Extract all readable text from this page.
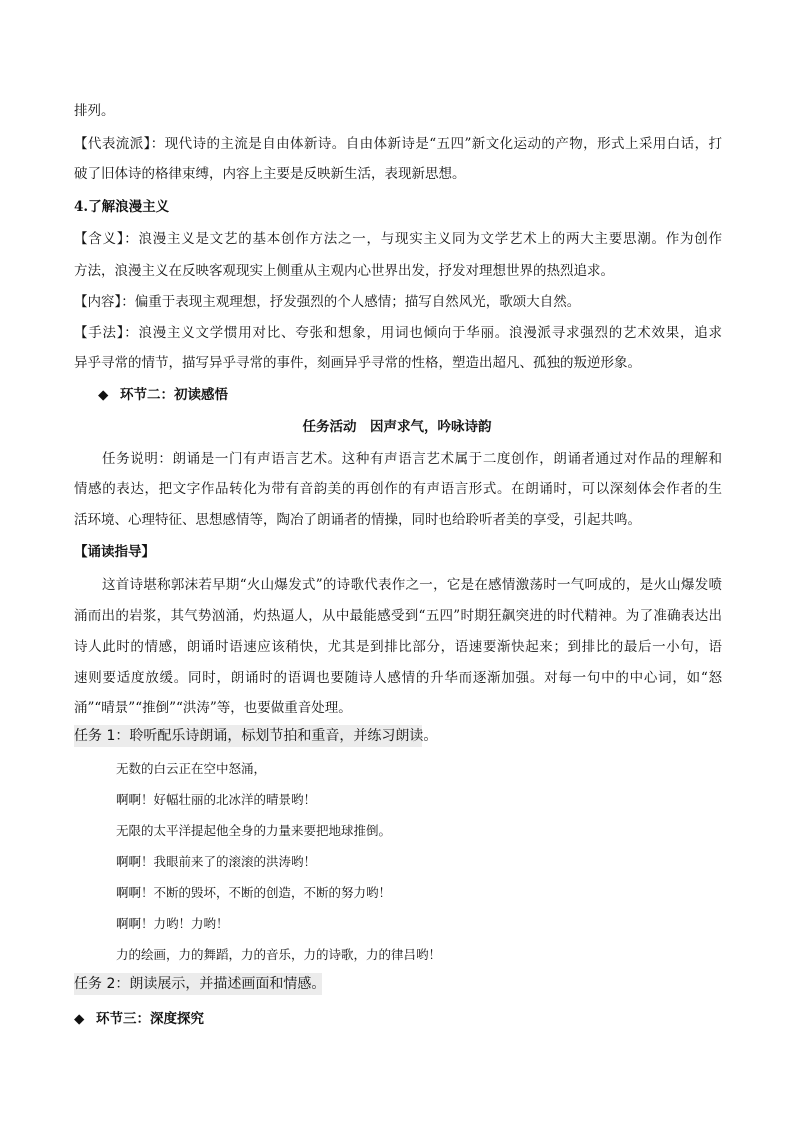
排列。
【代表流派】：现代诗的主流是自由体新诗。自由体新诗是“五四”新文化运动的产物，形式上采用白话，打
破了旧体诗的格律束缚，内容上主要是反映新生活，表现新思想。
4.了解浪漫主义
【含义】：浪漫主义是文艺的基本创作方法之一，与现实主义同为文学艺术上的两大主要思潮。作为创作
方法，浪漫主义在反映客观现实上侧重从主观内心世界出发，抒发对理想世界的热烈追求。
【内容】：偏重于表现主观理想，抒发强烈的个人感情；描写自然风光，歌颂大自然。
【手法】：浪漫主义文学惯用对比、夸张和想象，用词也倾向于华丽。浪漫派寻求强烈的艺术效果，追求
异乎寻常的情节，描写异乎寻常的事件，刻画异乎寻常的性格，塑造出超凡、孤独的叛逆形象。
◆ 环节二：初读感悟
任务活动　因声求气，吟咏诗韵
任务说明：朗诵是一门有声语言艺术。这种有声语言艺术属于二度创作，朗诵者通过对作品的理解和
情感的表达，把文字作品转化为带有音韵美的再创作的有声语言形式。在朗诵时，可以深刻体会作者的生
活环境、心理特征、思想感情等，陶冶了朗诵者的情操，同时也给聆听者美的享受，引起共鸣。
【诵读指导】
这首诗堪称郭沫若早期“火山爆发式”的诗歌代表作之一，它是在感情激荡时一气呵成的，是火山爆发喷
涌而出的岩浆，其气势汹涌，灼热逼人，从中最能感受到“五四”时期狂飙突进的时代精神。为了准确表达出
诗人此时的情感，朗诵时语速应该稍快，尤其是到排比部分，语速要渐快起来；到排比的最后一小句，语
速则要适度放缓。同时，朗诵时的语调也要随诗人感情的升华而逐渐加强。对每一句中的中心词，如“怒
涌”“晴景”“推倒”“洪涛”等，也要做重音处理。
任务 1：聆听配乐诗朗诵，标划节拍和重音，并练习朗读。
无数的白云正在空中怒涌，
啊啊！好幅壮丽的北冰洋的晴景哟！
无限的太平洋提起他全身的力量来要把地球推倒。
啊啊！我眼前来了的滚滚的洪涛哟！
啊啊！不断的毁坏，不断的创造，不断的努力哟！
啊啊！力哟！力哟！
力的绘画，力的舞蹈，力的音乐，力的诗歌，力的律吕哟！
任务 2：朗读展示，并描述画面和情感。
◆ 环节三：深度探究
